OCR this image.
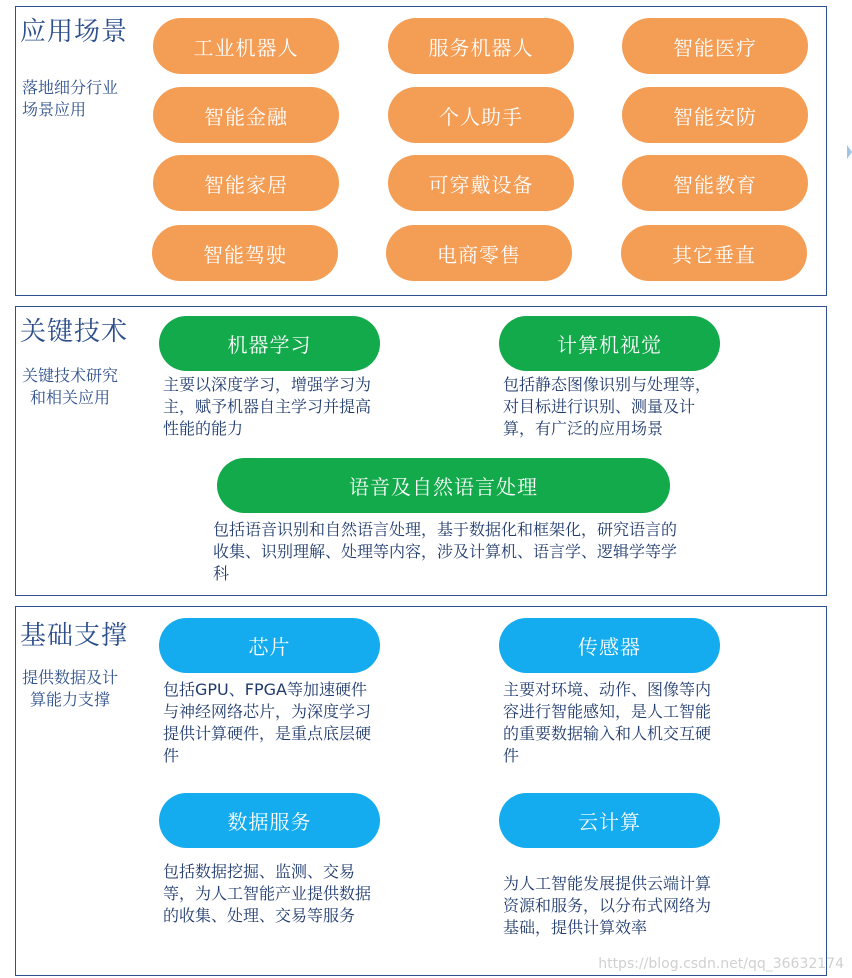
应用场景
落地细分行业场景应用
工业机器人	服务机器人	智能医疗
智能金融	个人助手	智能安防
智能家居	可穿戴设备	智能教育
智能驾驶	电商零售	其它垂直
关键技术
关键技术研究和相关应用
机器学习
主要以深度学习，增强学习为主，赋予机器自主学习并提高性能的能力
计算机视觉
包括静态图像识别与处理等，对目标进行识别、测量及计算，有广泛的应用场景
语音及自然语言处理
包括语音识别和自然语言处理，基于数据化和框架化，研究语言的收集、识别理解、处理等内容，涉及计算机、语言学、逻辑学等学科
基础支撑
提供数据及计算能力支撑
芯片
包括GPU、FPGA等加速硬件与神经网络芯片，为深度学习提供计算硬件，是重点底层硬件
传感器
主要对环境、动作、图像等内容进行智能感知，是人工智能的重要数据输入和人机交互硬件
数据服务
包括数据挖掘、监测、交易等，为人工智能产业提供数据的收集、处理、交易等服务
云计算
为人工智能发展提供云端计算资源和服务，以分布式网络为基础，提供计算效率
https://blog.csdn.net/qq_36632174
